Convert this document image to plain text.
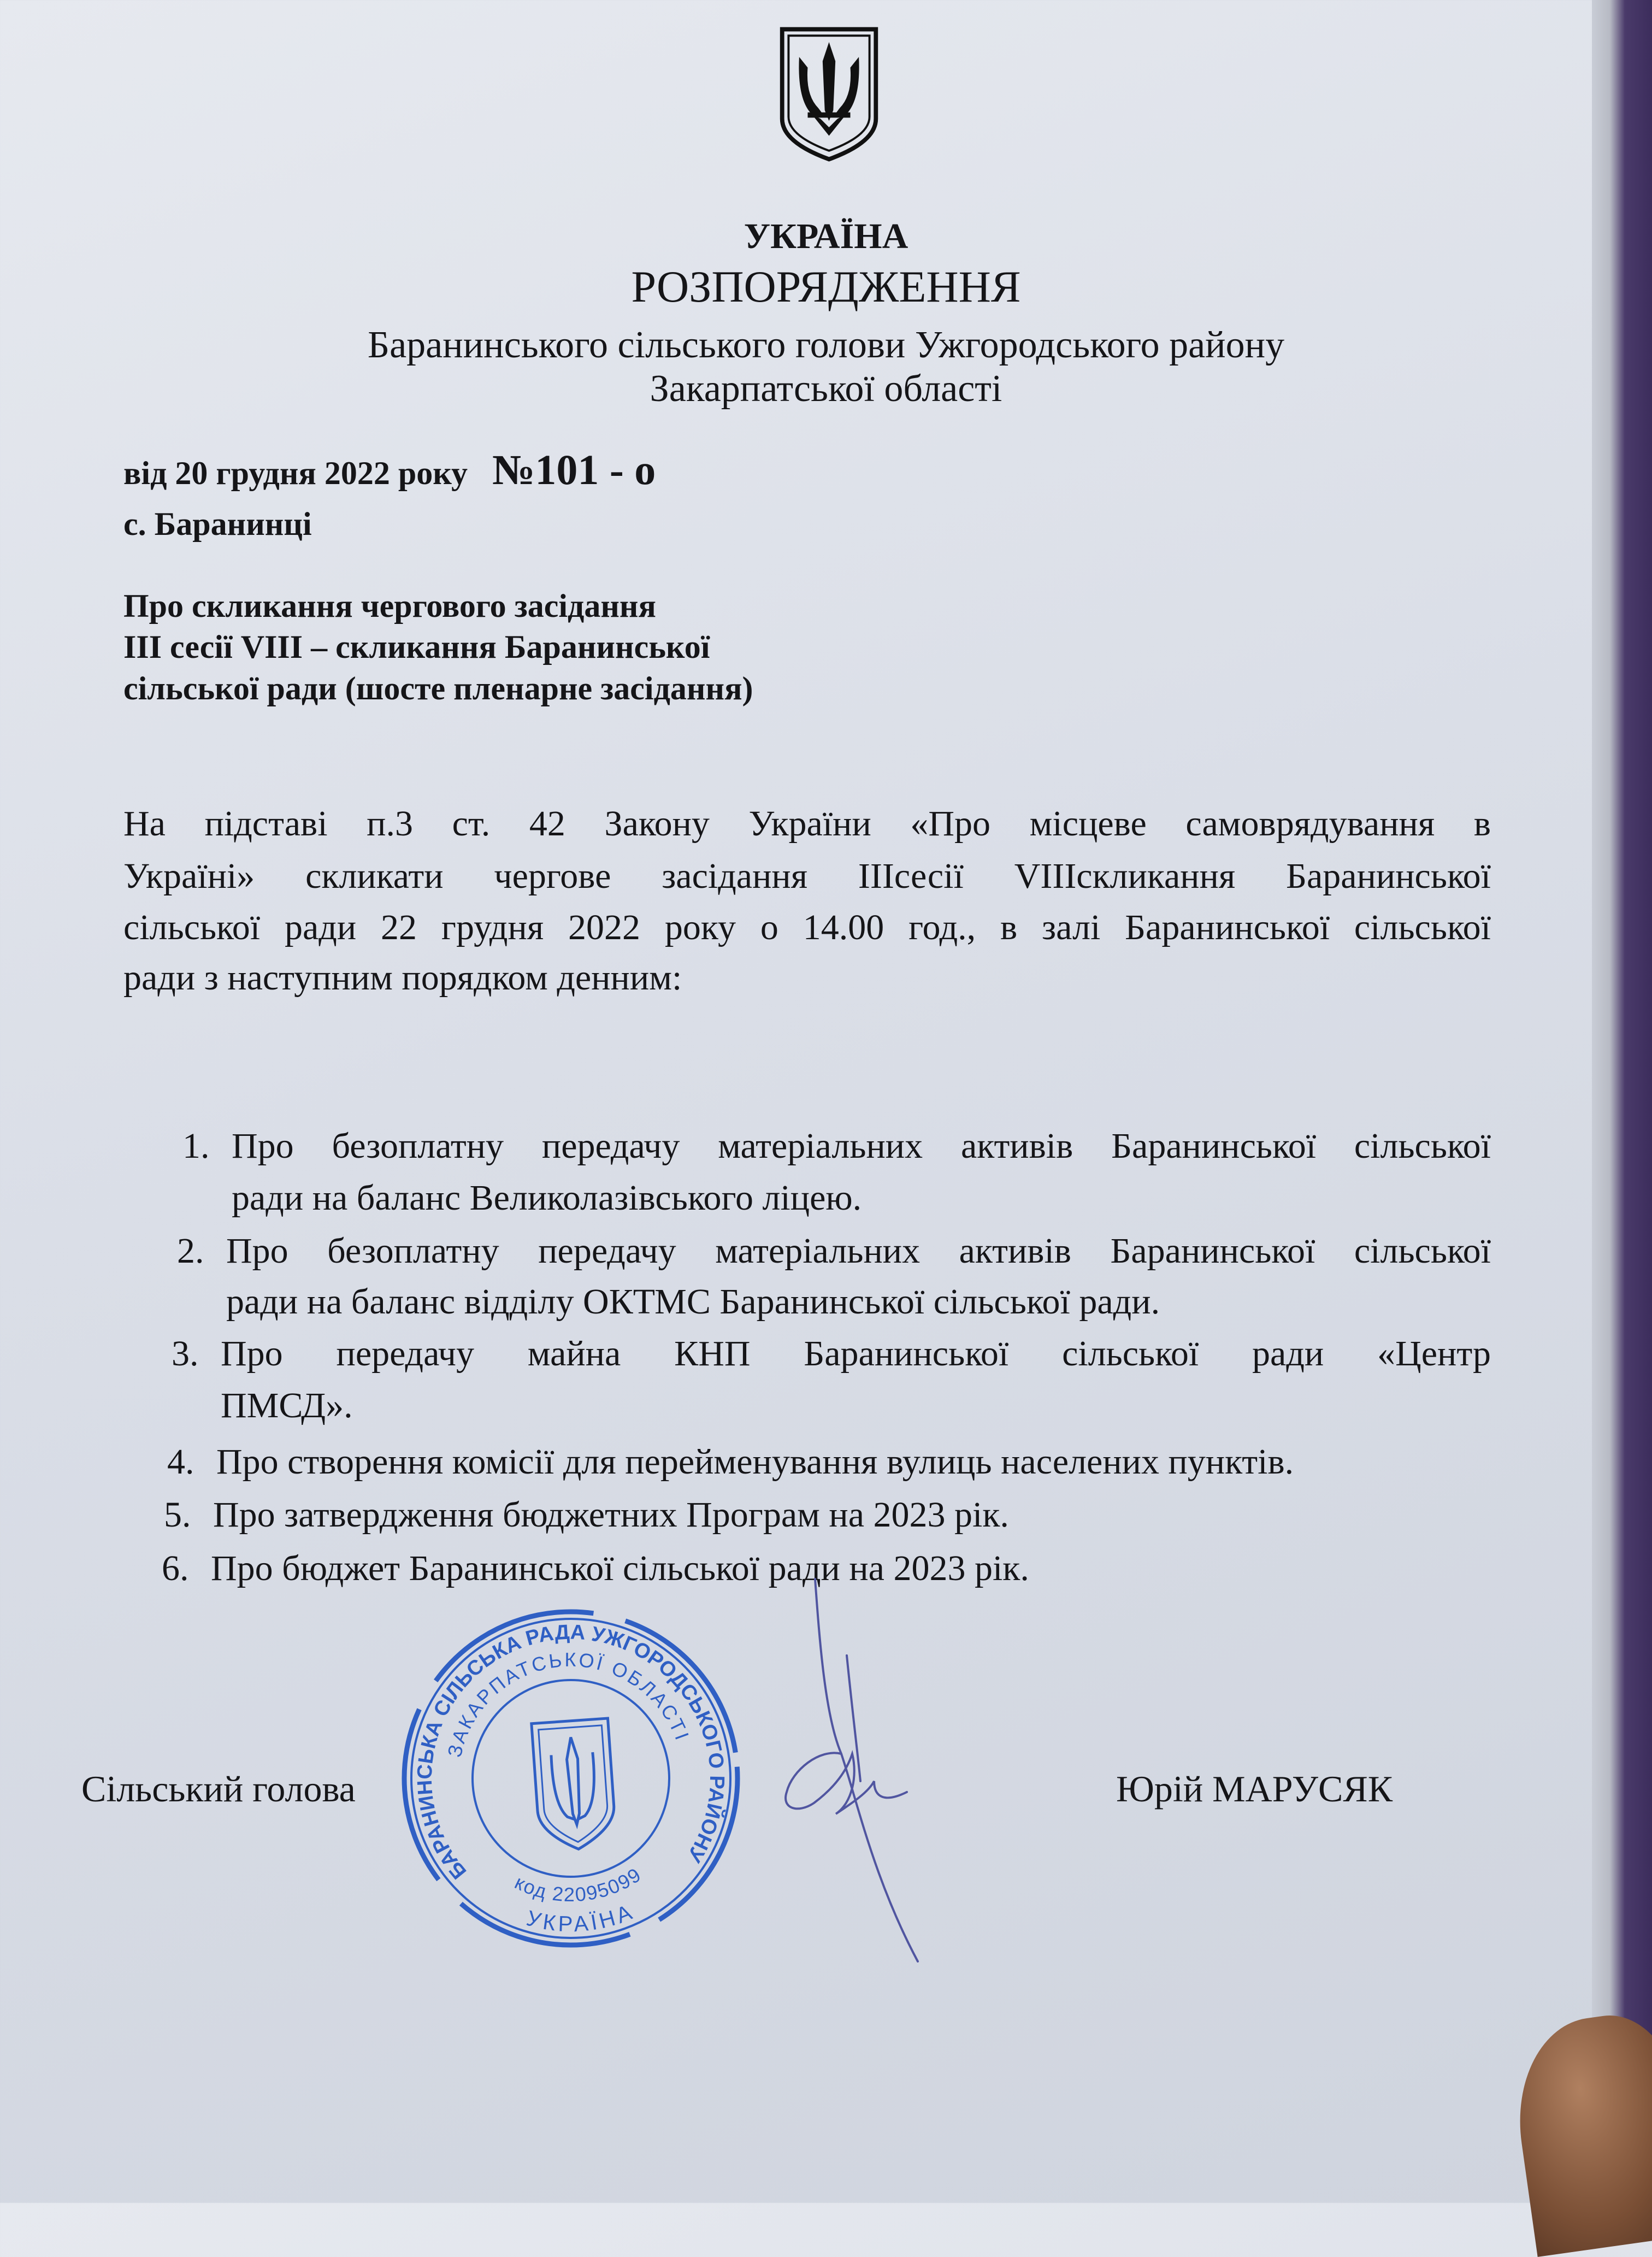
УКРАЇНА
РОЗПОРЯДЖЕННЯ
Баранинського сільського голови Ужгородського району
Закарпатської області
від 20 грудня 2022 року №101 - о
с. Баранинці
Про скликання чергового засідання
ІІІ сесії VIII – скликання Баранинської
сільської ради (шосте пленарне засідання)
На підставі п.3 ст. 42 Закону України «Про місцеве самоврядування в
Україні» скликати чергове засідання ІІІсесії VIIIскликання Баранинської
сільської ради 22 грудня 2022 року о 14.00 год., в залі Баранинської сільської
ради з наступним порядком денним:
1. Про безоплатну передачу матеріальних активів Баранинської сільської
ради на баланс Великолазівського ліцею.
2. Про безоплатну передачу матеріальних активів Баранинської сільської
ради на баланс відділу ОКТМС Баранинської сільської ради.
3. Про передачу майна КНП Баранинської сільської ради «Центр
ПМСД».
4. Про створення комісії для перейменування вулиць населених пунктів.
5. Про затвердження бюджетних Програм на 2023 рік.
6. Про бюджет Баранинської сільської ради на 2023 рік.
Сільський голова	Юрій МАРУСЯК
БАРАНИНСЬКА СІЛЬСЬКА РАДА УЖГОРОДСЬКОГО РАЙОНУ
ЗАКАРПАТСЬКОЇ ОБЛАСТІ
УКРАЇНА
код 22095099
